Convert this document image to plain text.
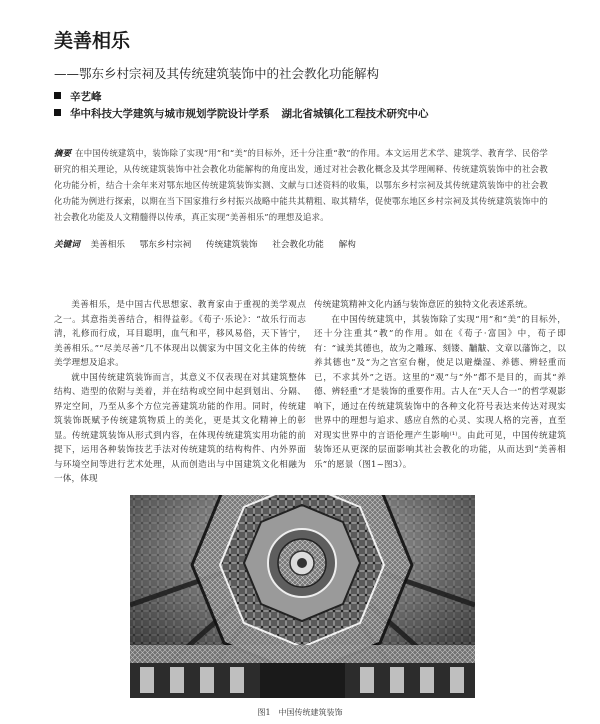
美善相乐
——鄂东乡村宗祠及其传统建筑装饰中的社会教化功能解构
辛艺峰
华中科技大学建筑与城市规划学院设计学系 湖北省城镇化工程技术研究中心
摘要 在中国传统建筑中，装饰除了实现“用”和“美”的目标外，还十分注重“教”的作用。本文运用艺术学、建筑学、教育学、民俗学研究的相关理论，从传统建筑装饰中社会教化功能解构的角度出发，通过对社会教化概念及其学理阐释、传统建筑装饰中的社会教化功能分析，结合十余年来对鄂东地区传统建筑装饰实测、文献与口述资料的收集，以鄂东乡村宗祠及其传统建筑装饰中的社会教化功能为例进行探索，以期在当下国家推行乡村振兴战略中能共其精粗、取其精华，促使鄂东地区乡村宗祠及其传统建筑装饰中的社会教化功能及人文精髓得以传承，真正实现“美善相乐”的理想及追求。
关键词 美善相乐 鄂东乡村宗祠 传统建筑装饰 社会教化功能 解构

美善相乐，是中国古代思想家、教育家由于重视的美学观点之一。其意指美善结合，相得益彰。《荀子·乐论》：“故乐行而志清，礼修而行成，耳目聪明，血气和平，移风易俗，天下皆宁，美善相乐。”“尽美尽善”几不体现出以儒家为中国文化主体的传统美学理想及追求。

就中国传统建筑装饰而言，其意义不仅表现在对其建筑整体结构、造型的依附与美着，并在结构或空间中起到划出、分隔、界定空间，乃至从多个方位完善建筑功能的作用。同时，传统建筑装饰既赋予传统建筑物质上的美化，更是其文化精神上的彰显。传统建筑装饰从形式到内容，在体现传统建筑实用功能的前提下，运用各种装饰技艺手法对传统建筑的结构构件、内外界面与环境空间等进行艺术处理，从而创造出与中国建筑文化相融为一体，体现

传统建筑精神文化内涵与装饰意匠的独特文化表述系统。

在中国传统建筑中，其装饰除了实现“用”和“美”的目标外，还十分注重其“教”的作用。如在《荀子·富国》中，荀子即有：“诚美其德也，故为之雕琢、刻镂、黼黻、文章以藩饰之，以养其德也”及“为之宫室台榭，使足以避燥湿、养德、辨轻重而已，不求其外”之语。这里的“观”与“外”都不是目的，而其“养德、辨轻重”才是装饰的重要作用。古人在“天人合一”的哲学观影响下，通过在传统建筑装饰中的各种文化符号表达来传达对现实世界中的理想与追求、感应自然的心灵、实现人格的完善，直至对现实世界中的言语伦理产生影响⁽¹⁾。由此可见，中国传统建筑装饰还从更深的层面影响其社会教化的功能，从而达到“美善相乐”的愿景（图1~图3）。

图1　中国传统建筑装饰
